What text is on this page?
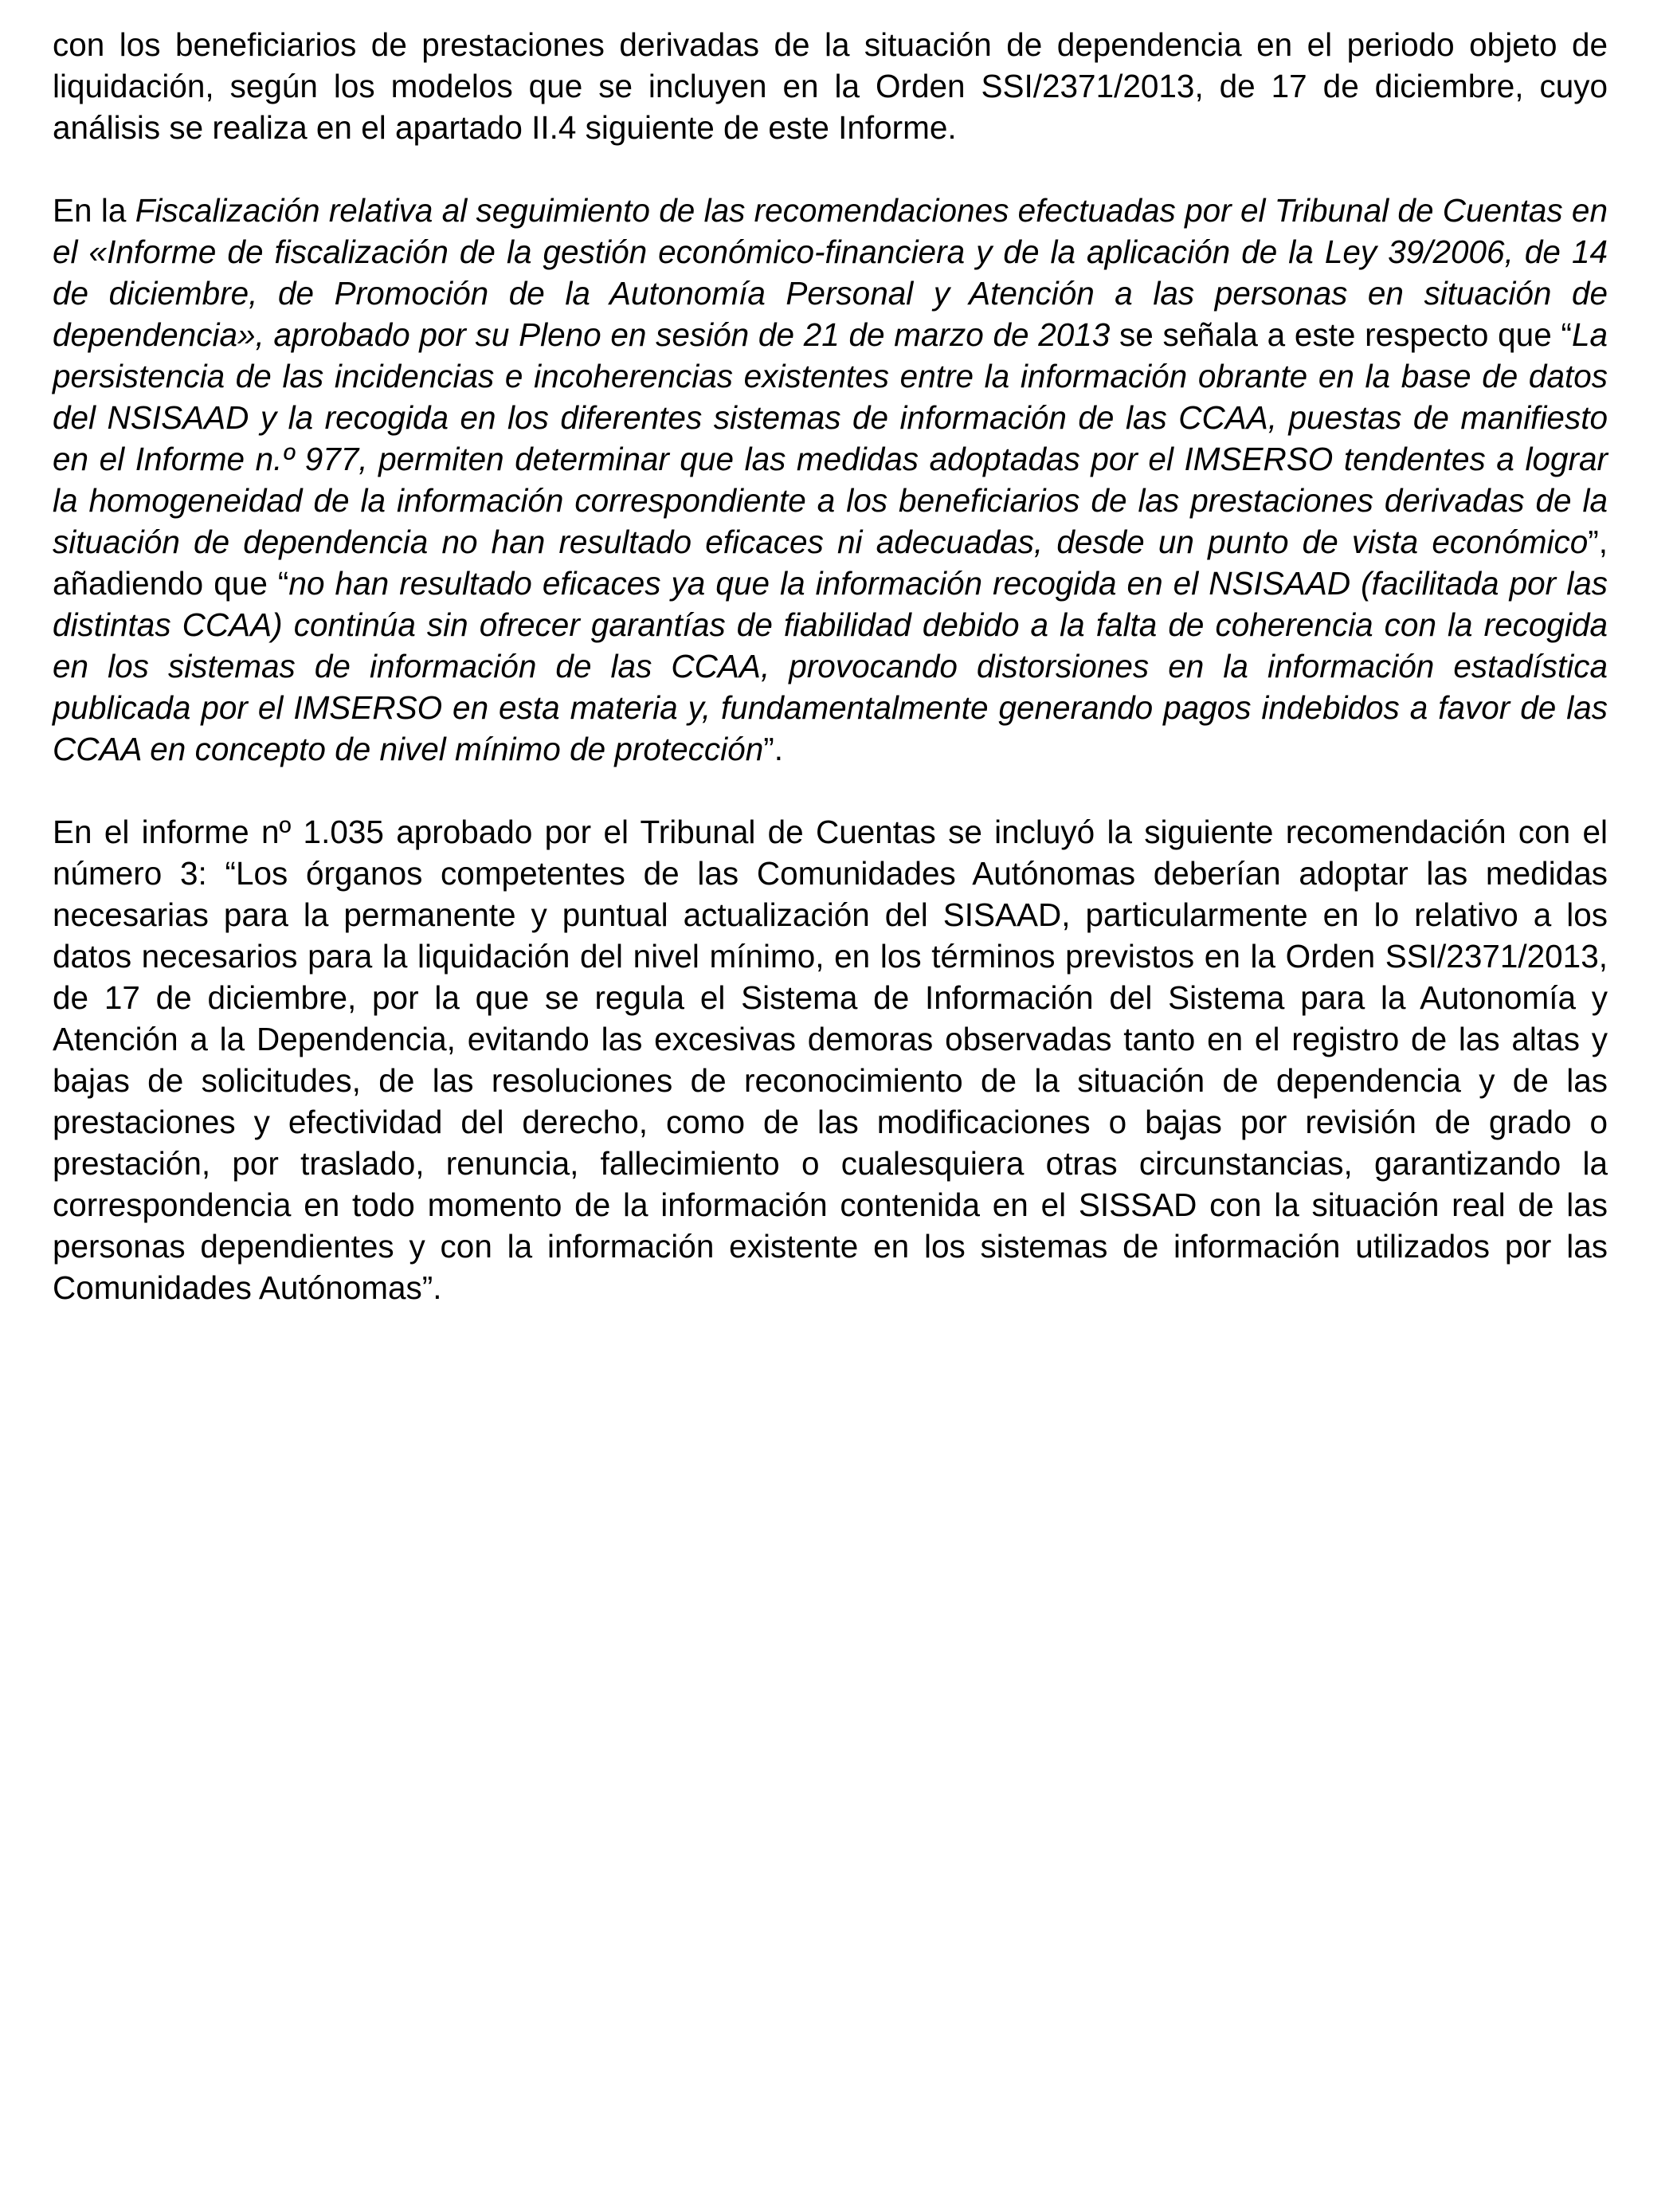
con los beneficiarios de prestaciones derivadas de la situación de dependencia en el periodo objeto de liquidación, según los modelos que se incluyen en la Orden SSI/2371/2013, de 17 de diciembre, cuyo análisis se realiza en el apartado II.4 siguiente de este Informe.

En la Fiscalización relativa al seguimiento de las recomendaciones efectuadas por el Tribunal de Cuentas en el «Informe de fiscalización de la gestión económico-financiera y de la aplicación de la Ley 39/2006, de 14 de diciembre, de Promoción de la Autonomía Personal y Atención a las personas en situación de dependencia», aprobado por su Pleno en sesión de 21 de marzo de 2013 se señala a este respecto que “La persistencia de las incidencias e incoherencias existentes entre la información obrante en la base de datos del NSISAAD y la recogida en los diferentes sistemas de información de las CCAA, puestas de manifiesto en el Informe n.º 977, permiten determinar que las medidas adoptadas por el IMSERSO tendentes a lograr la homogeneidad de la información correspondiente a los beneficiarios de las prestaciones derivadas de la situación de dependencia no han resultado eficaces ni adecuadas, desde un punto de vista económico”, añadiendo que “no han resultado eficaces ya que la información recogida en el NSISAAD (facilitada por las distintas CCAA) continúa sin ofrecer garantías de fiabilidad debido a la falta de coherencia con la recogida en los sistemas de información de las CCAA, provocando distorsiones en la información estadística publicada por el IMSERSO en esta materia y, fundamentalmente generando pagos indebidos a favor de las CCAA en concepto de nivel mínimo de protección”.

En el informe nº 1.035 aprobado por el Tribunal de Cuentas se incluyó la siguiente recomendación con el número 3: “Los órganos competentes de las Comunidades Autónomas deberían adoptar las medidas necesarias para la permanente y puntual actualización del SISAAD, particularmente en lo relativo a los datos necesarios para la liquidación del nivel mínimo, en los términos previstos en la Orden SSI/2371/2013, de 17 de diciembre, por la que se regula el Sistema de Información del Sistema para la Autonomía y Atención a la Dependencia, evitando las excesivas demoras observadas tanto en el registro de las altas y bajas de solicitudes, de las resoluciones de reconocimiento de la situación de dependencia y de las prestaciones y efectividad del derecho, como de las modificaciones o bajas por revisión de grado o prestación, por traslado, renuncia, fallecimiento o cualesquiera otras circunstancias, garantizando la correspondencia en todo momento de la información contenida en el SISSAD con la situación real de las personas dependientes y con la información existente en los sistemas de información utilizados por las Comunidades Autónomas”.
